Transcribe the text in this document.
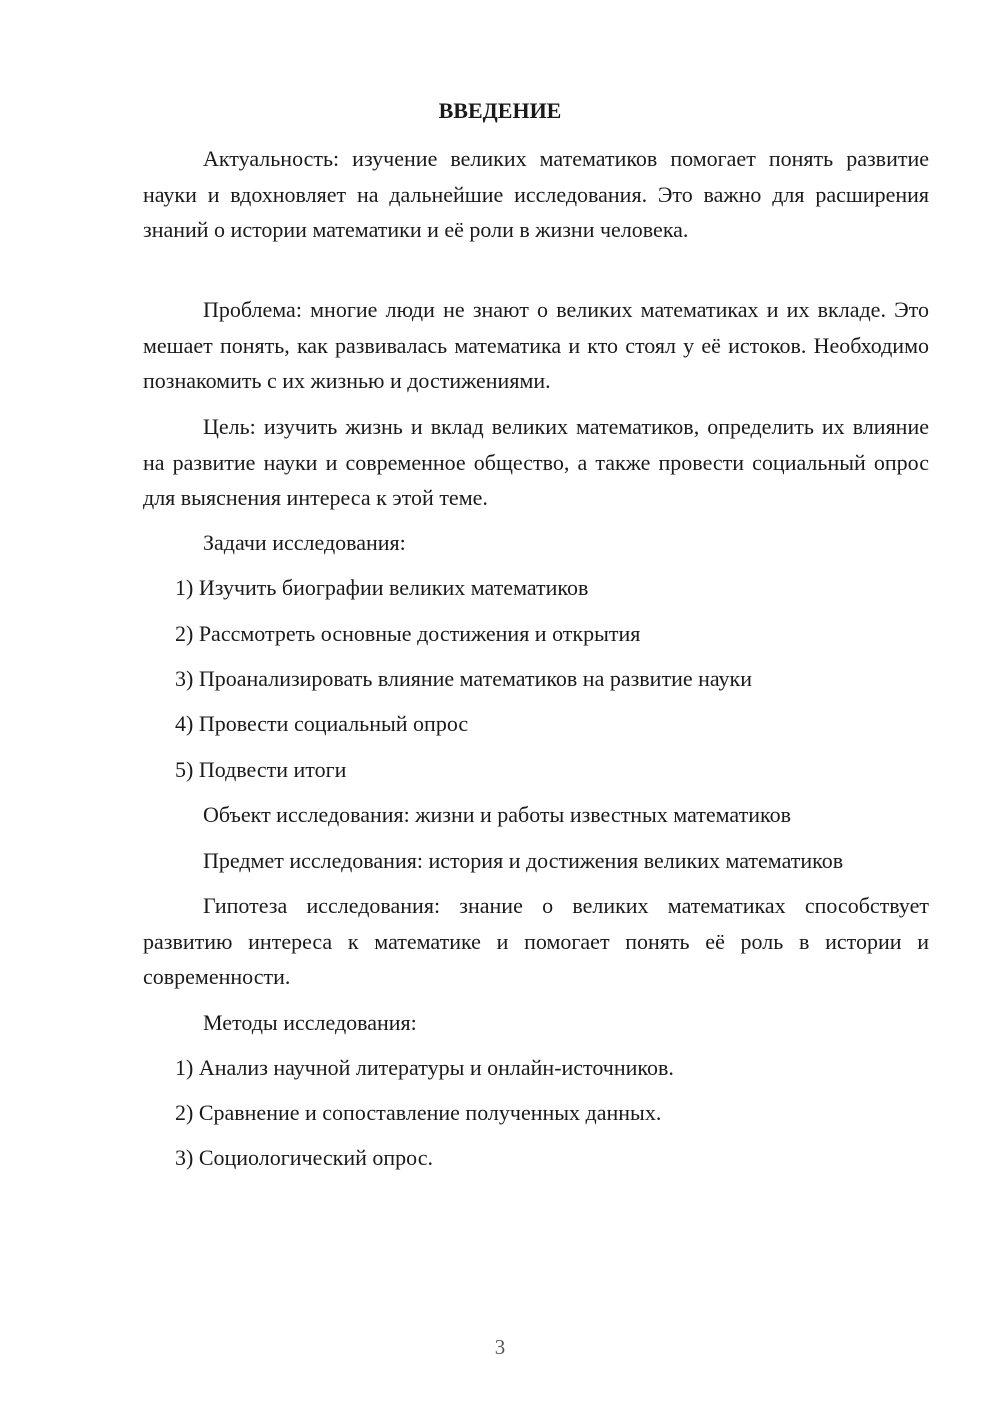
ВВЕДЕНИЕ

Актуальность: изучение великих математиков помогает понять развитие науки и вдохновляет на дальнейшие исследования. Это важно для расширения знаний о истории математики и её роли в жизни человека.

Проблема: многие люди не знают о великих математиках и их вкладе. Это мешает понять, как развивалась математика и кто стоял у её истоков. Необходимо познакомить с их жизнью и достижениями.

Цель: изучить жизнь и вклад великих математиков, определить их влияние на развитие науки и современное общество, а также провести социальный опрос для выяснения интереса к этой теме.

Задачи исследования:

1) Изучить биографии великих математиков

2) Рассмотреть основные достижения и открытия

3) Проанализировать влияние математиков на развитие науки

4) Провести социальный опрос

5) Подвести итоги

Объект исследования: жизни и работы известных математиков

Предмет исследования: история и достижения великих математиков

Гипотеза исследования: знание о великих математиках способствует развитию интереса к математике и помогает понять её роль в истории и современности.

Методы исследования:

1) Анализ научной литературы и онлайн-источников.

2) Сравнение и сопоставление полученных данных.

3) Социологический опрос.

3
